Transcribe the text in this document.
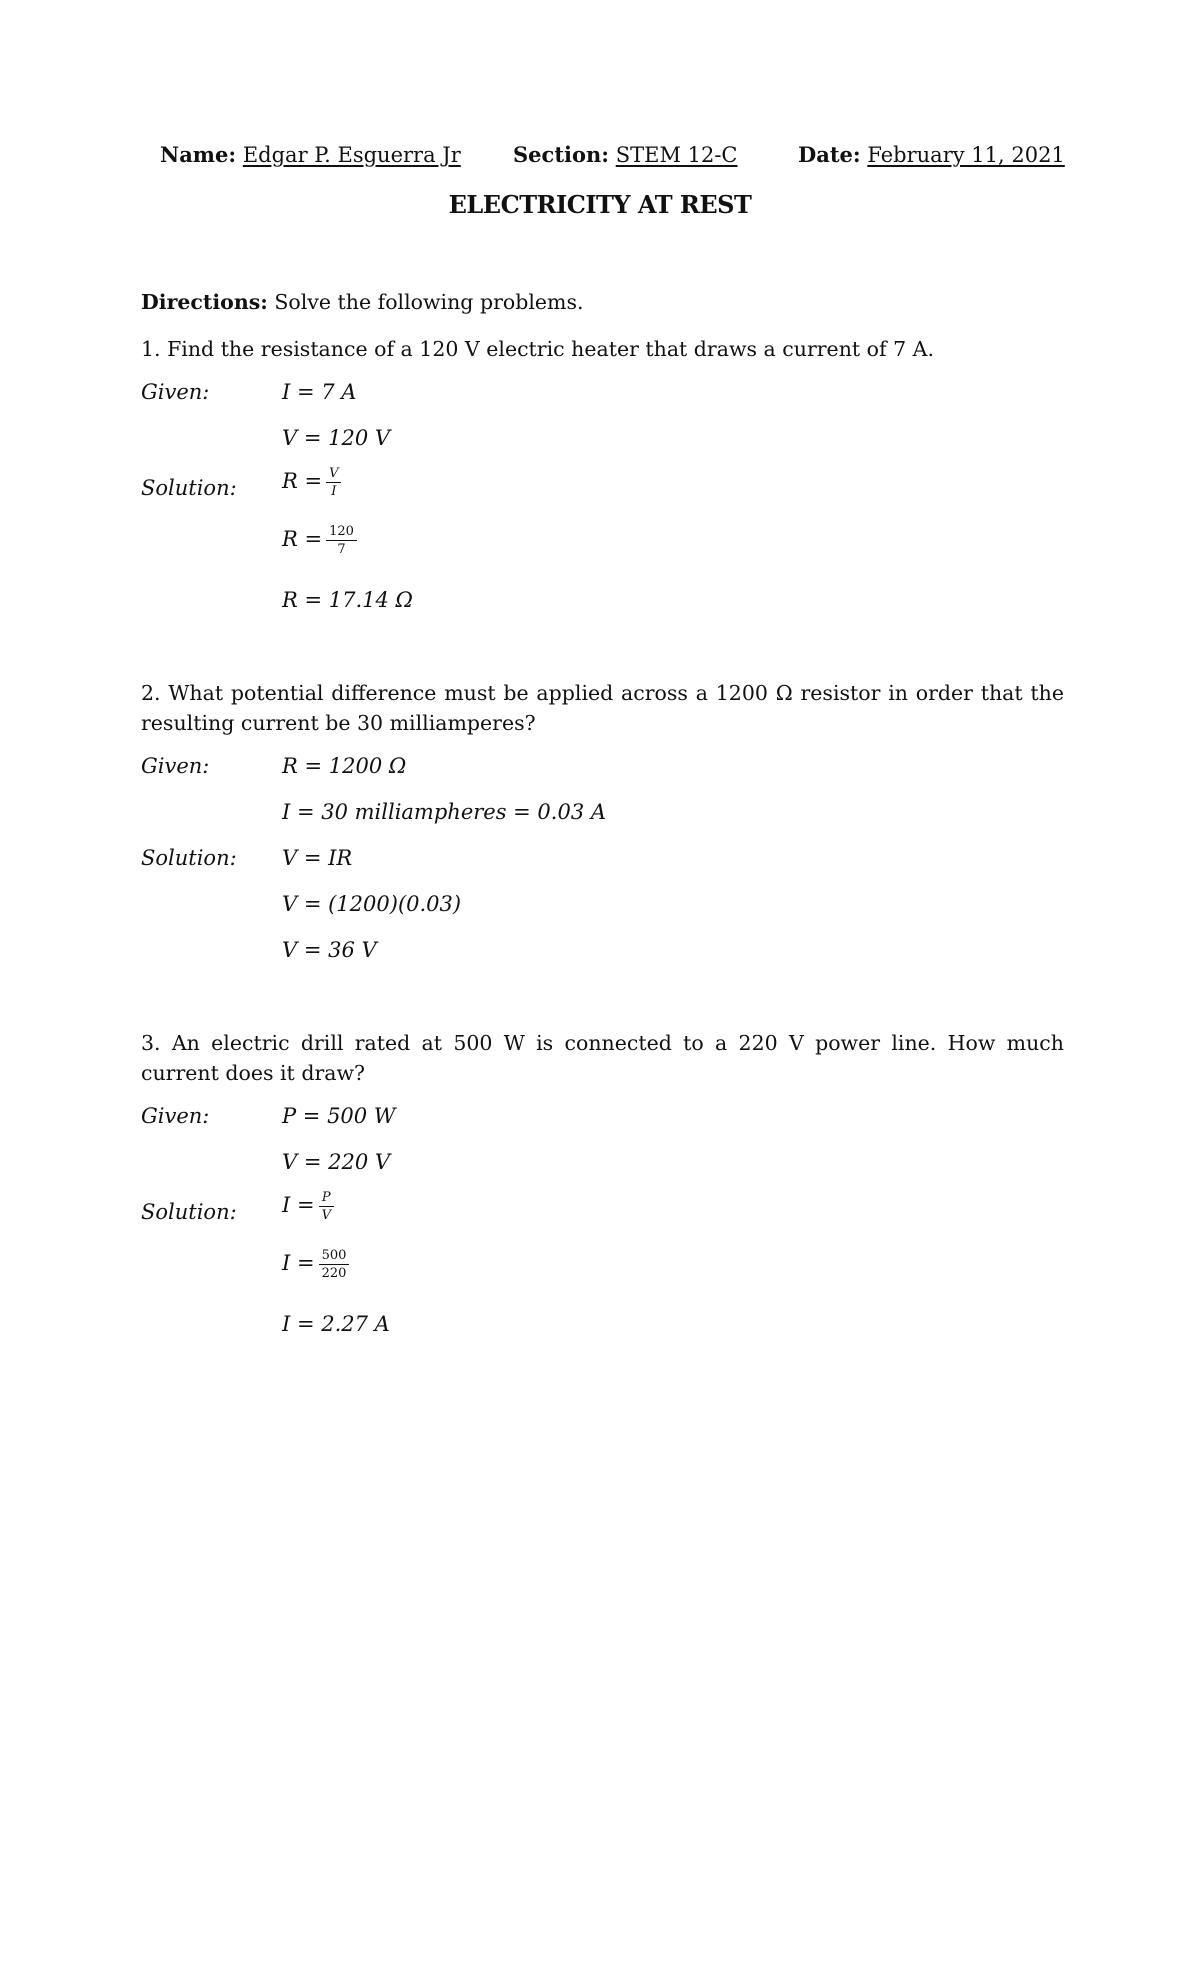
Name: Edgar P. Esguerra Jr Section: STEM 12-C	Date: February 11, 2021
ELECTRICITY AT REST
Directions: Solve the following problems.
1. Find the resistance of a 120 V electric heater that draws a current of 7 A.
Given:	I = 7 A
V = 120 V
Solution: $R = \frac{V}{I}$
$R = \frac{120}{7}$
R = 17.14 Ω
2. What potential difference must be applied across a 1200 Ω resistor in order that the resulting current be 30 milliamperes?
Given:	R = 1200 Ω
I = 30 milliampheres = 0.03 A
Solution: V = IR
V = (1200)(0.03)
V = 36 V
3. An electric drill rated at 500 W is connected to a 220 V power line. How much current does it draw?
Given:	P = 500 W
V = 220 V
Solution: $I = \frac{P}{V}$
$I = \frac{500}{220}$
I = 2.27 A
